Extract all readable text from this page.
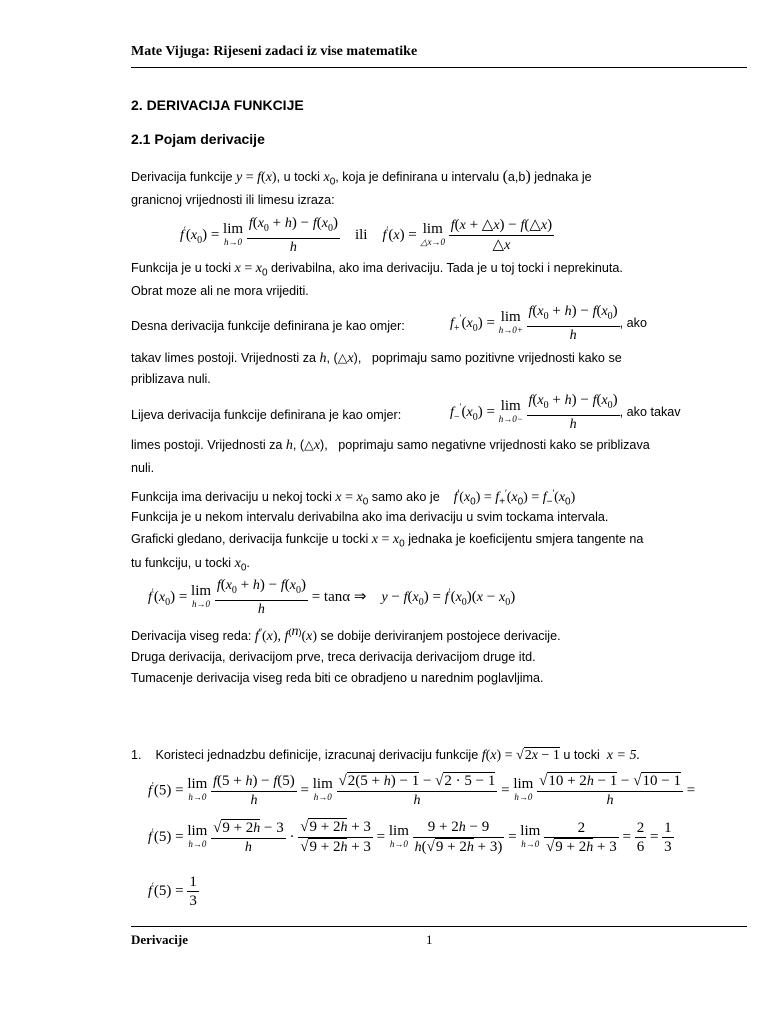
Mate Vijuga: Rijeseni zadaci iz vise matematike
2. DERIVACIJA FUNKCIJE
2.1 Pojam derivacije
Derivacija funkcije y = f(x), u tocki $x_0$, koja je definirana u intervalu (a,b) jednaka je
granicnoj vrijednosti ili limesu izraza:
$f'(x_0) = \lim$
h→0
$\frac{f(x_0 + h) - f(x_0)}{h}$ ili f′(x) = lim
△x→0
$\frac{f(x + \triangle x) - f(\triangle x)}{\triangle x}$
Funkcija je u tocki $x = x_0$ derivabilna, ako ima derivaciju. Tada je u toj tocki i neprekinuta.
Obrat moze ali ne mora vrijediti.
Desna derivacija funkcije definirana je kao omjer:	$f_+'(x_0) = \lim$
h→0+
$\frac{f(x_0 + h) - f(x_0)}{h}$ , ako
takav limes postoji. Vrijednosti za h, (△x),   poprimaju samo pozitivne vrijednosti kako se
priblizava nuli.
Lijeva derivacija funkcije definirana je kao omjer:	$f_-'(x_0) = \lim$
h→0−
$\frac{f(x_0 + h) - f(x_0)}{h}$ , ako takav
limes postoji. Vrijednosti za h, (△x),   poprimaju samo negativne vrijednosti kako se priblizava
nuli.
Funkcija ima derivaciju u nekoj tocki $x = x_0$ samo ako je $f'(x_0) = f_+'(x_0) = f_-'(x_0)$
Funkcija je u nekom intervalu derivabilna ako ima derivaciju u svim tockama intervala.
Graficki gledano, derivacija funkcije u tocki $x = x_0$ jednaka je koeficijentu smjera tangente na
tu funkciju, u tocki $x_0$.
$f'(x_0) = \lim$
h→0
$\frac{f(x_0 + h) - f(x_0)}{h} = \tan\alpha$ ⇒    $y - f(x_0) = f'(x_0)(x - x_0)$
Derivacija viseg reda: f″(x), $f^{(n)}(x)$ se dobije deriviranjem postojece derivacije.
Druga derivacija, derivacijom prve, treca derivacija derivacijom druge itd.
Tumacenje derivacija viseg reda biti ce obradjeno u narednim poglavljima.
1. Koristeci jednadzbu definicije, izracunaj derivaciju funkcije f(x) = √2x − 1 u tocki x = 5.
f′(5) = lim
h→0
$\frac{f(5 + h) - f(5)}{h} = \lim$
h→0
$\frac{√2(5 + h) - 1 - √2 \cdot 5 - 1}{h} = \lim$
h→0
$\frac{√10 + 2h - 1 - √10 - 1}{h}$ =
f′(5) = lim
h→0
$\frac{√9 + 2h - 3}{h} \cdot \frac{√9 + 2h + 3}{√9 + 2h + 3} = \lim$
h→0
$\frac{9 + 2h - 9}{h(√9 + 2h + 3)} = \lim$
h→0
$\frac{2}{√9 + 2h + 3} = \frac{2}{6} = \frac{1}{3}$
$f'(5) = \frac{1}{3}$
Derivacije	1
